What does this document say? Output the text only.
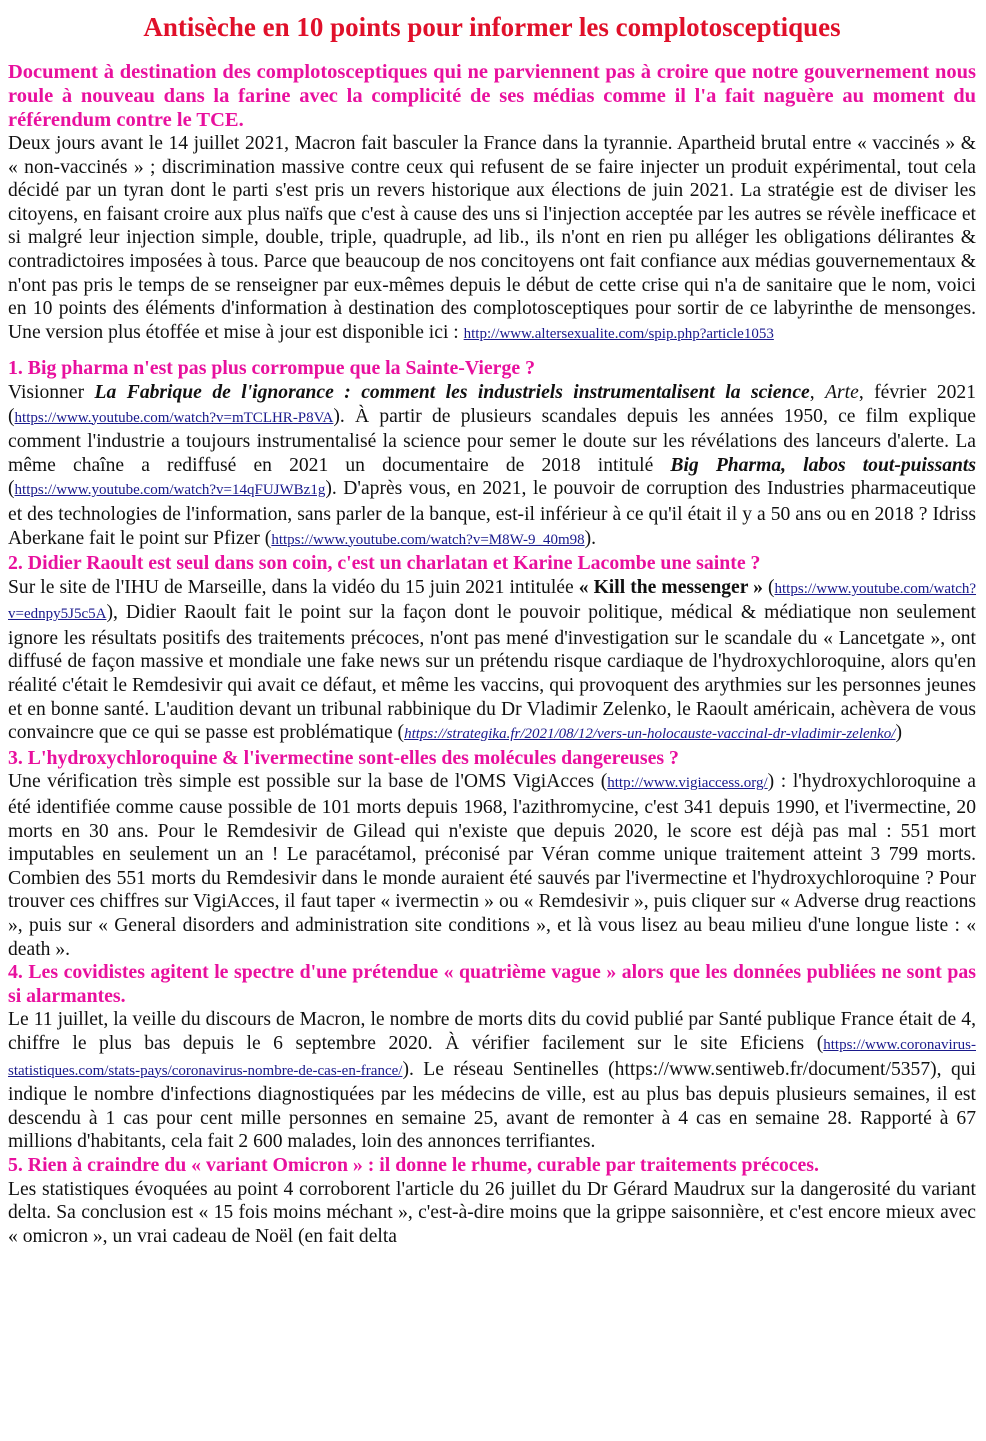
Antisèche en 10 points pour informer les complotosceptiques

Document à destination des complotosceptiques qui ne parviennent pas à croire que notre gouvernement nous roule à nouveau dans la farine avec la complicité de ses médias comme il l'a fait naguère au moment du référendum contre le TCE.

Deux jours avant le 14 juillet 2021, Macron fait basculer la France dans la tyrannie. Apartheid brutal entre « vaccinés » & « non-vaccinés » ; discrimination massive contre ceux qui refusent de se faire injecter un produit expérimental, tout cela décidé par un tyran dont le parti s'est pris un revers historique aux élections de juin 2021. La stratégie est de diviser les citoyens, en faisant croire aux plus naïfs que c'est à cause des uns si l'injection acceptée par les autres se révèle inefficace et si malgré leur injection simple, double, triple, quadruple, ad lib., ils n'ont en rien pu alléger les obligations délirantes & contradictoires imposées à tous. Parce que beaucoup de nos concitoyens ont fait confiance aux médias gouvernementaux & n'ont pas pris le temps de se renseigner par eux-mêmes depuis le début de cette crise qui n'a de sanitaire que le nom, voici en 10 points des éléments d'information à destination des complotosceptiques pour sortir de ce labyrinthe de mensonges. Une version plus étoffée et mise à jour est disponible ici : http://www.altersexualite.com/spip.php?article1053

1. Big pharma n'est pas plus corrompue que la Sainte-Vierge ?

Visionner La Fabrique de l'ignorance : comment les industriels instrumentalisent la science, Arte, février 2021 (https://www.youtube.com/watch?v=mTCLHR-P8VA). À partir de plusieurs scandales depuis les années 1950, ce film explique comment l'industrie a toujours instrumentalisé la science pour semer le doute sur les révélations des lanceurs d'alerte. La même chaîne a rediffusé en 2021 un documentaire de 2018 intitulé Big Pharma, labos tout-puissants (https://www.youtube.com/watch?v=14qFUJWBz1g). D'après vous, en 2021, le pouvoir de corruption des Industries pharmaceutique et des technologies de l'information, sans parler de la banque, est-il inférieur à ce qu'il était il y a 50 ans ou en 2018 ? Idriss Aberkane fait le point sur Pfizer (https://www.youtube.com/watch?v=M8W-9_40m98).

2. Didier Raoult est seul dans son coin, c'est un charlatan et Karine Lacombe une sainte ?

Sur le site de l'IHU de Marseille, dans la vidéo du 15 juin 2021 intitulée « Kill the messenger » (https://www.youtube.com/watch?v=ednpy5J5c5A), Didier Raoult fait le point sur la façon dont le pouvoir politique, médical & médiatique non seulement ignore les résultats positifs des traitements précoces, n'ont pas mené d'investigation sur le scandale du « Lancetgate », ont diffusé de façon massive et mondiale une fake news sur un prétendu risque cardiaque de l'hydroxychloroquine, alors qu'en réalité c'était le Remdesivir qui avait ce défaut, et même les vaccins, qui provoquent des arythmies sur les personnes jeunes et en bonne santé. L'audition devant un tribunal rabbinique du Dr Vladimir Zelenko, le Raoult américain, achèvera de vous convaincre que ce qui se passe est problématique (https://strategika.fr/2021/08/12/vers-un-holocauste-vaccinal-dr-vladimir-zelenko/)

3. L'hydroxychloroquine & l'ivermectine sont-elles des molécules dangereuses ?

Une vérification très simple est possible sur la base de l'OMS VigiAcces (http://www.vigiaccess.org/) : l'hydroxychloroquine a été identifiée comme cause possible de 101 morts depuis 1968, l'azithromycine, c'est 341 depuis 1990, et l'ivermectine, 20 morts en 30 ans. Pour le Remdesivir de Gilead qui n'existe que depuis 2020, le score est déjà pas mal : 551 mort imputables en seulement un an ! Le paracétamol, préconisé par Véran comme unique traitement atteint 3 799 morts. Combien des 551 morts du Remdesivir dans le monde auraient été sauvés par l'ivermectine et l'hydroxychloroquine ? Pour trouver ces chiffres sur VigiAcces, il faut taper « ivermectin » ou « Remdesivir », puis cliquer sur « Adverse drug reactions », puis sur « General disorders and administration site conditions », et là vous lisez au beau milieu d'une longue liste : « death ».

4. Les covidistes agitent le spectre d'une prétendue « quatrième vague » alors que les données publiées ne sont pas si alarmantes.

Le 11 juillet, la veille du discours de Macron, le nombre de morts dits du covid publié par Santé publique France était de 4, chiffre le plus bas depuis le 6 septembre 2020. À vérifier facilement sur le site Eficiens (https://www.coronavirus-statistiques.com/stats-pays/coronavirus-nombre-de-cas-en-france/). Le réseau Sentinelles (https://www.sentiweb.fr/document/5357), qui indique le nombre d'infections diagnostiquées par les médecins de ville, est au plus bas depuis plusieurs semaines, il est descendu à 1 cas pour cent mille personnes en semaine 25, avant de remonter à 4 cas en semaine 28. Rapporté à 67 millions d'habitants, cela fait 2 600 malades, loin des annonces terrifiantes.

5. Rien à craindre du « variant Omicron » : il donne le rhume, curable par traitements précoces.

Les statistiques évoquées au point 4 corroborent l'article du 26 juillet du Dr Gérard Maudrux sur la dangerosité du variant delta. Sa conclusion est « 15 fois moins méchant », c'est-à-dire moins que la grippe saisonnière, et c'est encore mieux avec « omicron », un vrai cadeau de Noël (en fait delta
